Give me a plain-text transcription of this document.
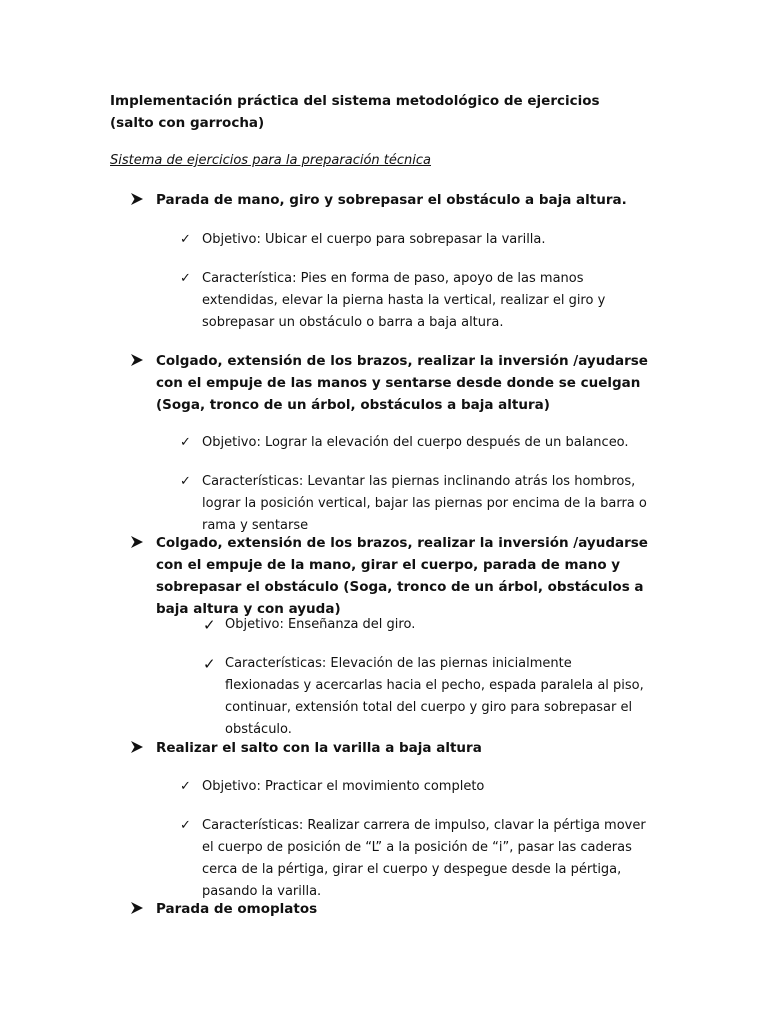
Implementación práctica del sistema metodológico de ejercicios (salto con garrocha)
Sistema de ejercicios para la preparación técnica
Parada de mano, giro y sobrepasar el obstáculo a baja altura.
✓ Objetivo: Ubicar el cuerpo para sobrepasar la varilla.
✓ Característica: Pies en forma de paso, apoyo de las manos extendidas, elevar la pierna hasta la vertical, realizar el giro y sobrepasar un obstáculo o barra a baja altura.
Colgado, extensión de los brazos, realizar la inversión /ayudarse con el empuje de las manos y sentarse desde donde se cuelgan (Soga, tronco de un árbol, obstáculos a baja altura)
✓ Objetivo: Lograr la elevación del cuerpo después de un balanceo.
✓ Características: Levantar las piernas inclinando atrás los hombros, lograr la posición vertical, bajar las piernas por encima de la barra o rama y sentarse
Colgado, extensión de los brazos, realizar la inversión /ayudarse con el empuje de la mano, girar el cuerpo, parada de mano y sobrepasar el obstáculo (Soga, tronco de un árbol, obstáculos a baja altura y con ayuda)
✓ Objetivo: Enseñanza del giro.
✓ Características: Elevación de las piernas inicialmente flexionadas y acercarlas hacia el pecho, espada paralela al piso, continuar, extensión total del cuerpo y giro para sobrepasar el obstáculo.
Realizar el salto con la varilla a baja altura
✓ Objetivo: Practicar el movimiento completo
✓ Características: Realizar carrera de impulso, clavar la pértiga mover el cuerpo de posición de “L” a la posición de “i”, pasar las caderas cerca de la pértiga, girar el cuerpo y despegue desde la pértiga, pasando la varilla.
Parada de omoplatos
